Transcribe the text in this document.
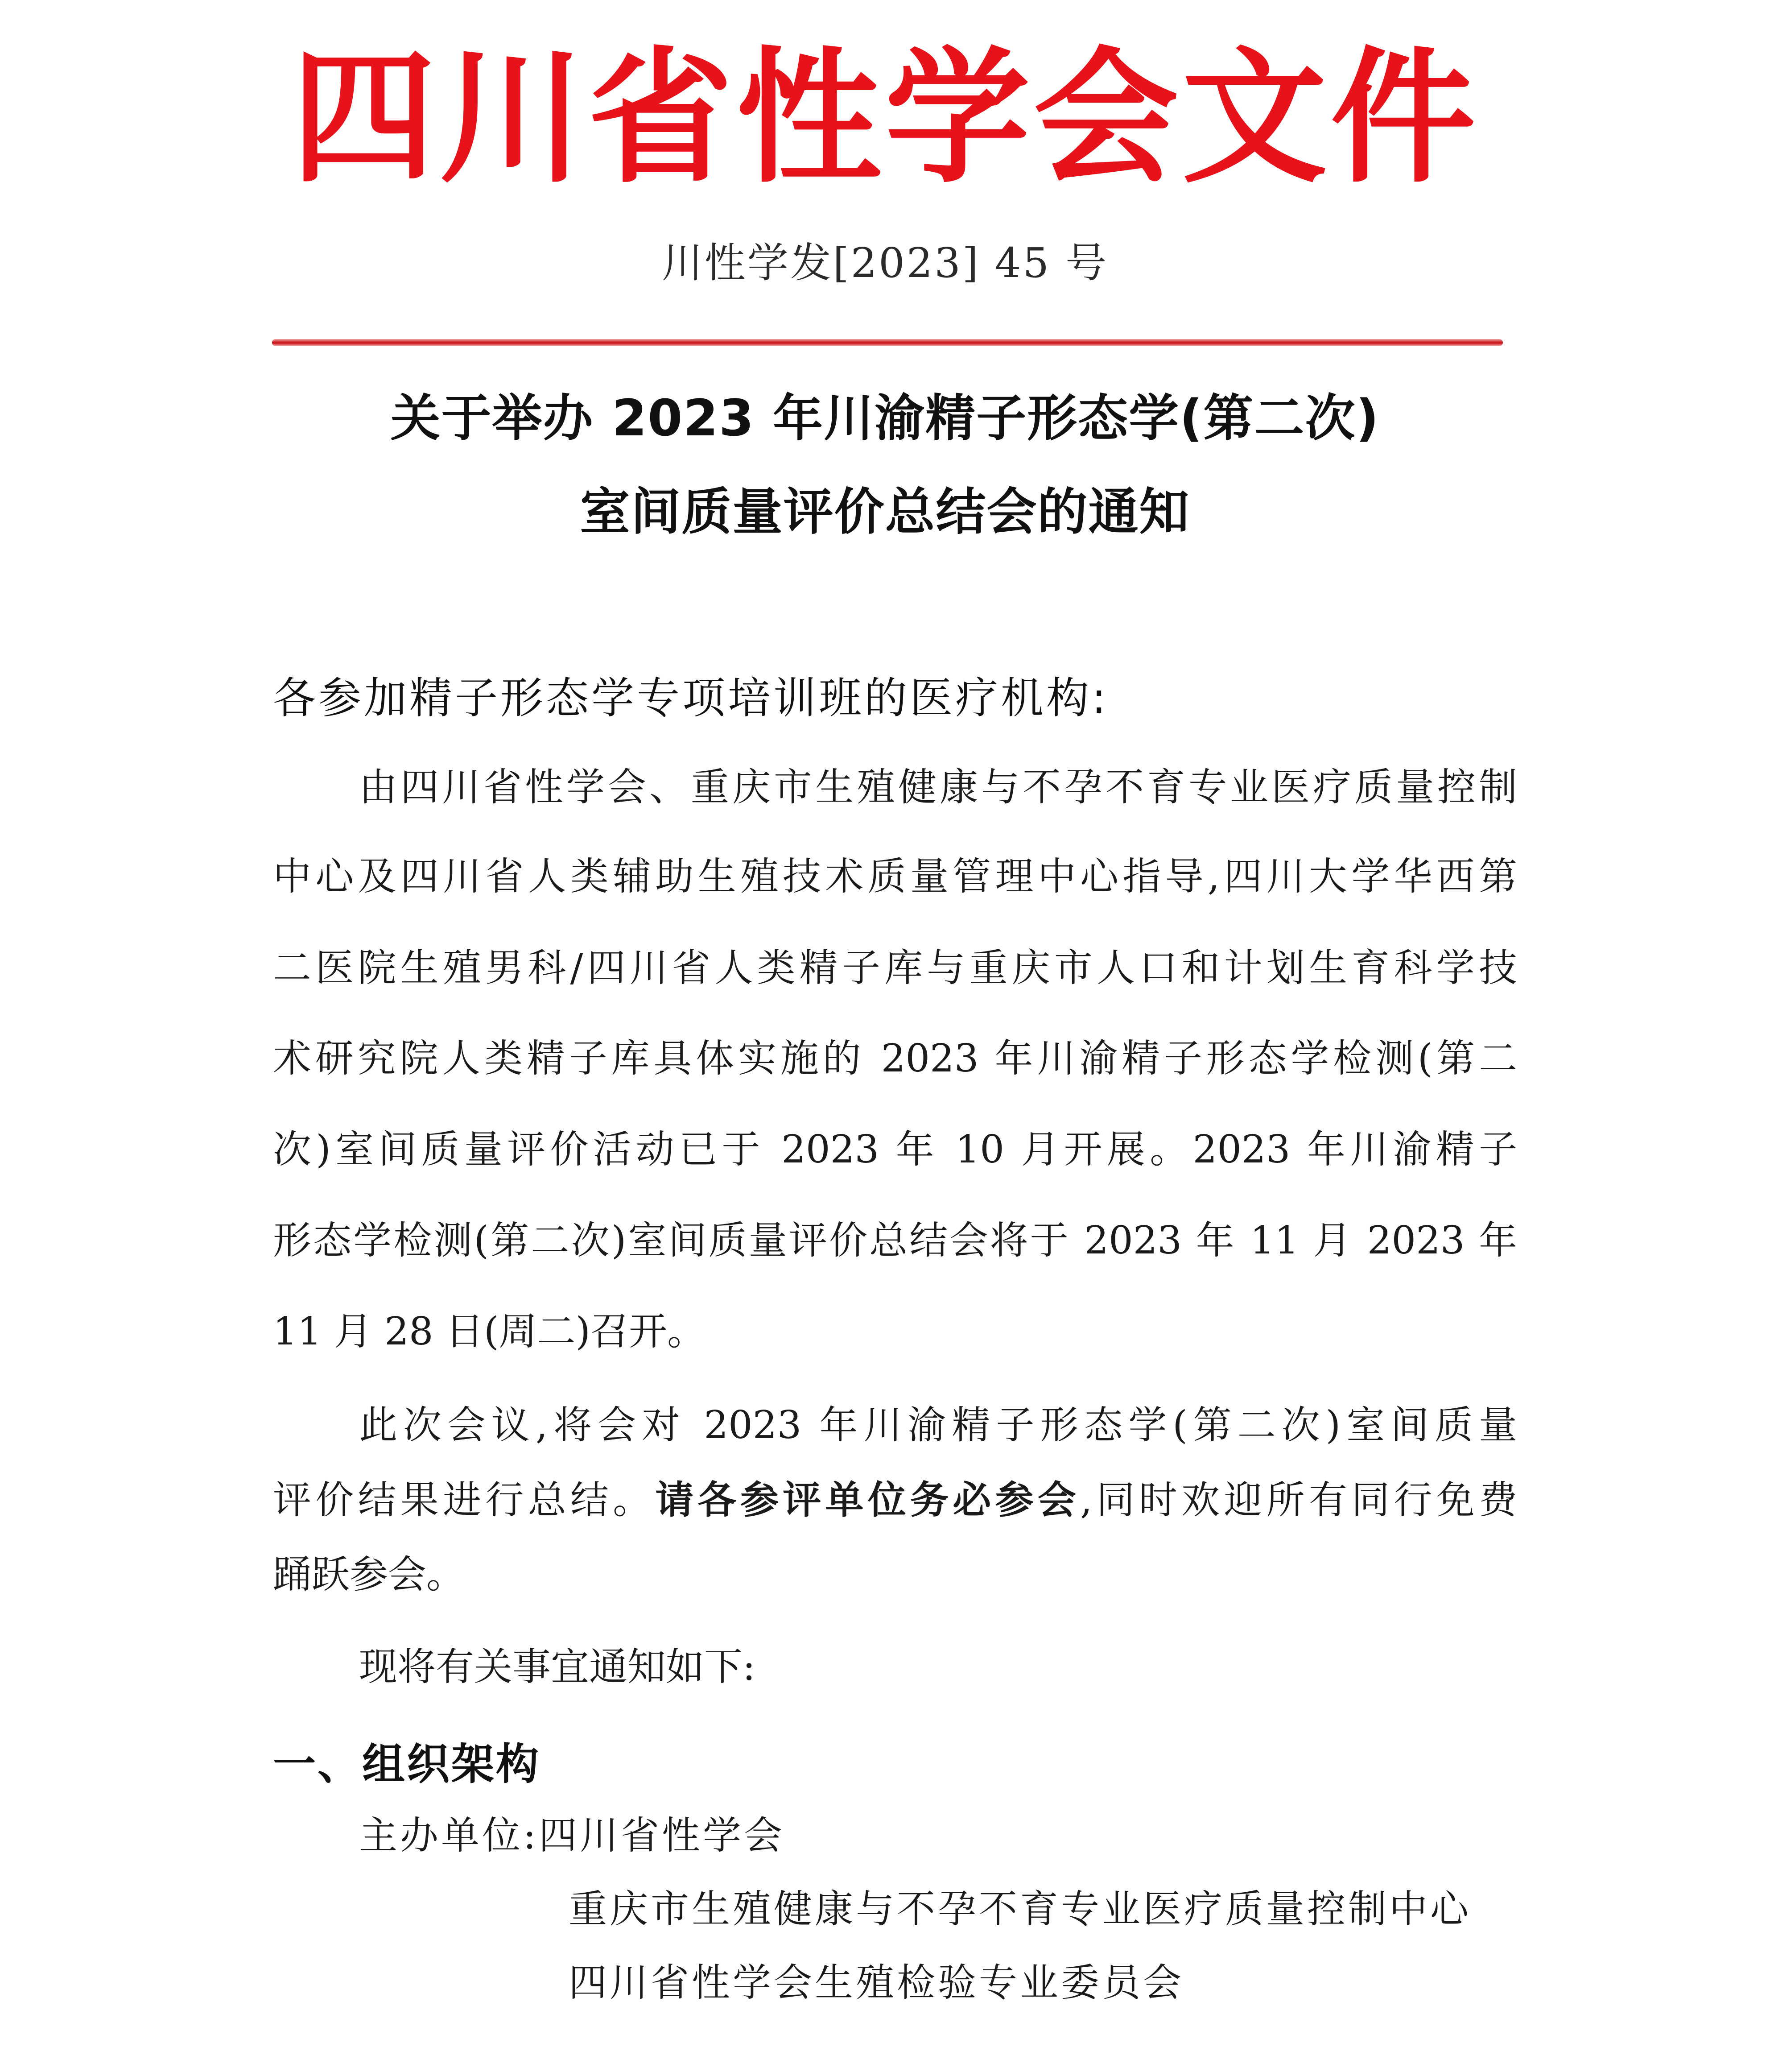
四川省性学会文件
川性学发[2023] 45 号
关于举办 2023 年川渝精子形态学(第二次)
室间质量评价总结会的通知
各参加精子形态学专项培训班的医疗机构:
由四川省性学会、重庆市生殖健康与不孕不育专业医疗质量控制
中心及四川省人类辅助生殖技术质量管理中心指导,四川大学华西第
二医院生殖男科/四川省人类精子库与重庆市人口和计划生育科学技
术研究院人类精子库具体实施的 2023 年川渝精子形态学检测(第二
次)室间质量评价活动已于 2023 年 10 月开展。2023 年川渝精子
形态学检测(第二次)室间质量评价总结会将于 2023 年 11 月 2023 年
11 月 28 日(周二)召开。
此次会议,将会对 2023 年川渝精子形态学(第二次)室间质量
评价结果进行总结。请各参评单位务必参会,同时欢迎所有同行免费
踊跃参会。
现将有关事宜通知如下:
一、组织架构
主办单位:四川省性学会
重庆市生殖健康与不孕不育专业医疗质量控制中心
四川省性学会生殖检验专业委员会
